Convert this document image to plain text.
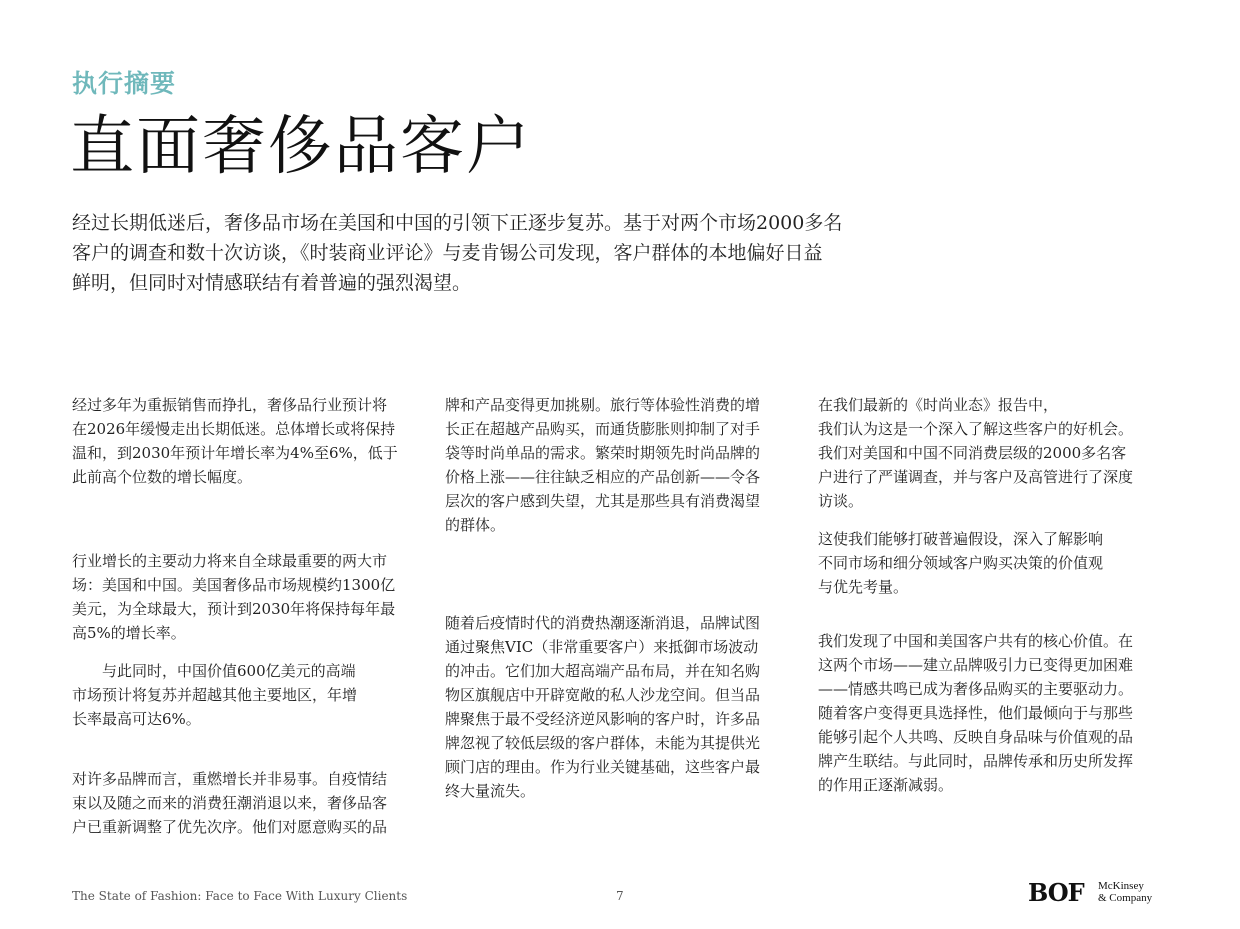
执行摘要
直面奢侈品客户
经过长期低迷后，奢侈品市场在美国和中国的引领下正逐步复苏。基于对两个市场2000多名
客户的调查和数十次访谈，《时装商业评论》与麦肯锡公司发现，客户群体的本地偏好日益
鲜明，但同时对情感联结有着普遍的强烈渴望。

经过多年为重振销售而挣扎，奢侈品行业预计将
在2026年缓慢走出长期低迷。总体增长或将保持
温和，到2030年预计年增长率为4%至6%，低于
此前高个位数的增长幅度。

行业增长的主要动力将来自全球最重要的两大市
场：美国和中国。美国奢侈品市场规模约1300亿
美元，为全球最大，预计到2030年将保持每年最
高5%的增长率。

　　与此同时，中国价值600亿美元的高端
市场预计将复苏并超越其他主要地区，年增
长率最高可达6%。

对许多品牌而言，重燃增长并非易事。自疫情结
束以及随之而来的消费狂潮消退以来，奢侈品客
户已重新调整了优先次序。他们对愿意购买的品

牌和产品变得更加挑剔。旅行等体验性消费的增
长正在超越产品购买，而通货膨胀则抑制了对手
袋等时尚单品的需求。繁荣时期领先时尚品牌的
价格上涨——往往缺乏相应的产品创新——令各
层次的客户感到失望，尤其是那些具有消费渴望
的群体。

随着后疫情时代的消费热潮逐渐消退，品牌试图
通过聚焦VIC（非常重要客户）来抵御市场波动
的冲击。它们加大超高端产品布局，并在知名购
物区旗舰店中开辟宽敞的私人沙龙空间。但当品
牌聚焦于最不受经济逆风影响的客户时，许多品
牌忽视了较低层级的客户群体，未能为其提供光
顾门店的理由。作为行业关键基础，这些客户最
终大量流失。

在我们最新的《时尚业态》报告中，
我们认为这是一个深入了解这些客户的好机会。
我们对美国和中国不同消费层级的2000多名客
户进行了严谨调查，并与客户及高管进行了深度
访谈。

这使我们能够打破普遍假设，深入了解影响
不同市场和细分领域客户购买决策的价值观
与优先考量。

我们发现了中国和美国客户共有的核心价值。在
这两个市场——建立品牌吸引力已变得更加困难
——情感共鸣已成为奢侈品购买的主要驱动力。
随着客户变得更具选择性，他们最倾向于与那些
能够引起个人共鸣、反映自身品味与价值观的品
牌产生联结。与此同时，品牌传承和历史所发挥
的作用正逐渐减弱。

The State of Fashion: Face to Face With Luxury Clients	7	BOF McKinsey
& Company
